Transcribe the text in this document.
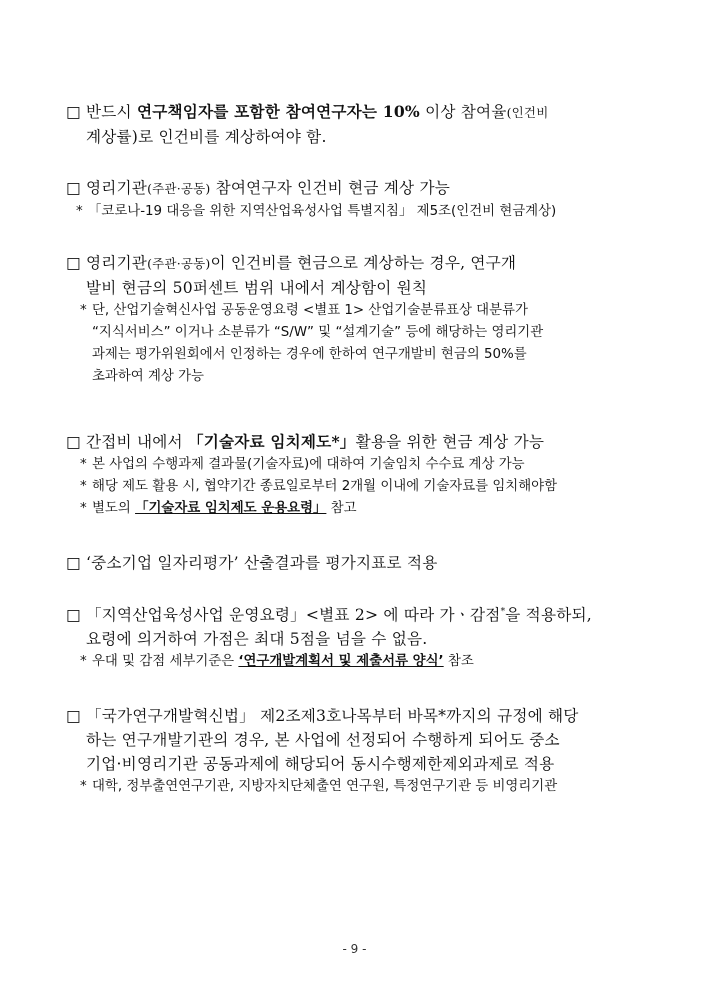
□ 반드시 연구책임자를 포함한 참여연구자는 10% 이상 참여율(인건비
계상률)로 인건비를 계상하여야 함.
□ 영리기관(주관·공동) 참여연구자 인건비 현금 계상 가능
* 「코로나-19 대응을 위한 지역산업육성사업 특별지침」 제5조(인건비 현금계상)
□ 영리기관(주관·공동)이 인건비를 현금으로 계상하는 경우, 연구개
발비 현금의 50퍼센트 범위 내에서 계상함이 원칙
* 단, 산업기술혁신사업 공동운영요령 <별표 1> 산업기술분류표상 대분류가
“지식서비스” 이거나 소분류가 “S/W” 및 “설계기술” 등에 해당하는 영리기관
과제는 평가위원회에서 인정하는 경우에 한하여 연구개발비 현금의 50%를
초과하여 계상 가능
□ 간접비 내에서 「기술자료 임치제도*」활용을 위한 현금 계상 가능
* 본 사업의 수행과제 결과물(기술자료)에 대하여 기술임치 수수료 계상 가능
* 해당 제도 활용 시, 협약기간 종료일로부터 2개월 이내에 기술자료를 임치해야함
* 별도의 「기술자료 임치제도 운용요령」 참고
□ ‘중소기업 일자리평가’ 산출결과를 평가지표로 적용
□ 「지역산업육성사업 운영요령」<별표 2> 에 따라 가ㆍ감점*을 적용하되,
요령에 의거하여 가점은 최대 5점을 넘을 수 없음.
* 우대 및 감점 세부기준은 ‘연구개발계획서 및 제출서류 양식’ 참조
□ 「국가연구개발혁신법」 제2조제3호나목부터 바목*까지의 규정에 해당
하는 연구개발기관의 경우, 본 사업에 선정되어 수행하게 되어도 중소
기업·비영리기관 공동과제에 해당되어 동시수행제한제외과제로 적용
* 대학, 정부출연연구기관, 지방자치단체출연 연구원, 특정연구기관 등 비영리기관
- 9 -
